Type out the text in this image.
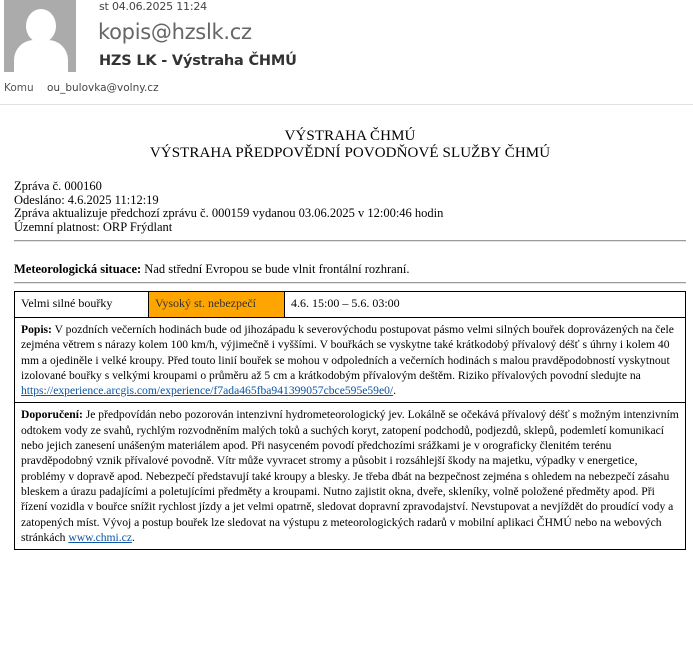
st 04.06.2025 11:24
kopis@hzslk.cz
HZS LK - Výstraha ČHMÚ
Komu ou_bulovka@volny.cz
VÝSTRAHA ČHMÚ
VÝSTRAHA PŘEDPOVĚDNÍ POVODŇOVÉ SLUŽBY ČHMÚ
Zpráva č. 000160
Odesláno: 4.6.2025 11:12:19
Zpráva aktualizuje předchozí zprávu č. 000159 vydanou 03.06.2025 v 12:00:46 hodin
Územní platnost: ORP Frýdlant
Meteorologická situace: Nad střední Evropou se bude vlnit frontální rozhraní.
Velmi silné bouřky	Vysoký st. nebezpečí	4.6. 15:00 – 5.6. 03:00
Popis: V pozdních večerních hodinách bude od jihozápadu k severovýchodu postupovat pásmo velmi silných bouřek doprovázených na čele zejména větrem s nárazy kolem 100 km/h, výjimečně i vyššími. V bouřkách se vyskytne také krátkodobý přívalový déšť s úhrny i kolem 40 mm a ojediněle i velké kroupy. Před touto linií bouřek se mohou v odpoledních a večerních hodinách s malou pravděpodobností vyskytnout izolované bouřky s velkými kroupami o průměru až 5 cm a krátkodobým přívalovým deštěm. Riziko přívalových povodní sledujte na https://experience.arcgis.com/experience/f7ada465fba941399057cbce595e59e0/.
Doporučení: Je předpovídán nebo pozorován intenzivní hydrometeorologický jev. Lokálně se očekává přívalový déšť s možným intenzivním odtokem vody ze svahů, rychlým rozvodněním malých toků a suchých koryt, zatopení podchodů, podjezdů, sklepů, podemletí komunikací nebo jejich zanesení unášeným materiálem apod. Při nasyceném povodí předchozími srážkami je v orograficky členitém terénu pravděpodobný vznik přívalové povodně. Vítr může vyvracet stromy a působit i rozsáhlejší škody na majetku, výpadky v energetice, problémy v dopravě apod. Nebezpečí představují také kroupy a blesky. Je třeba dbát na bezpečnost zejména s ohledem na nebezpečí zásahu bleskem a úrazu padajícími a poletujícími předměty a kroupami. Nutno zajistit okna, dveře, skleníky, volně položené předměty apod. Při řízení vozidla v bouřce snížit rychlost jízdy a jet velmi opatrně, sledovat dopravní zpravodajství. Nevstupovat a nevjíždět do proudící vody a zatopených míst. Vývoj a postup bouřek lze sledovat na výstupu z meteorologických radarů v mobilní aplikaci ČHMÚ nebo na webových stránkách www.chmi.cz.
